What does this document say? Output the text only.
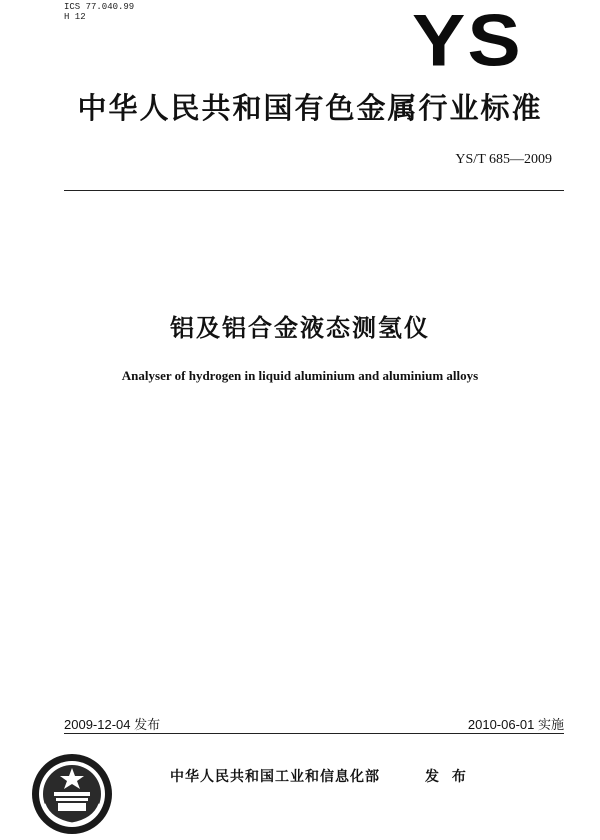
ICS 77.040.99
H 12	YS
中华人民共和国有色金属行业标准
YS/T 685—2009
铝及铝合金液态测氢仪
Analyser of hydrogen in liquid aluminium and aluminium alloys
2009-12-04 发布	2010-06-01 实施
中华人民共和国工业和信息化部	发 布
